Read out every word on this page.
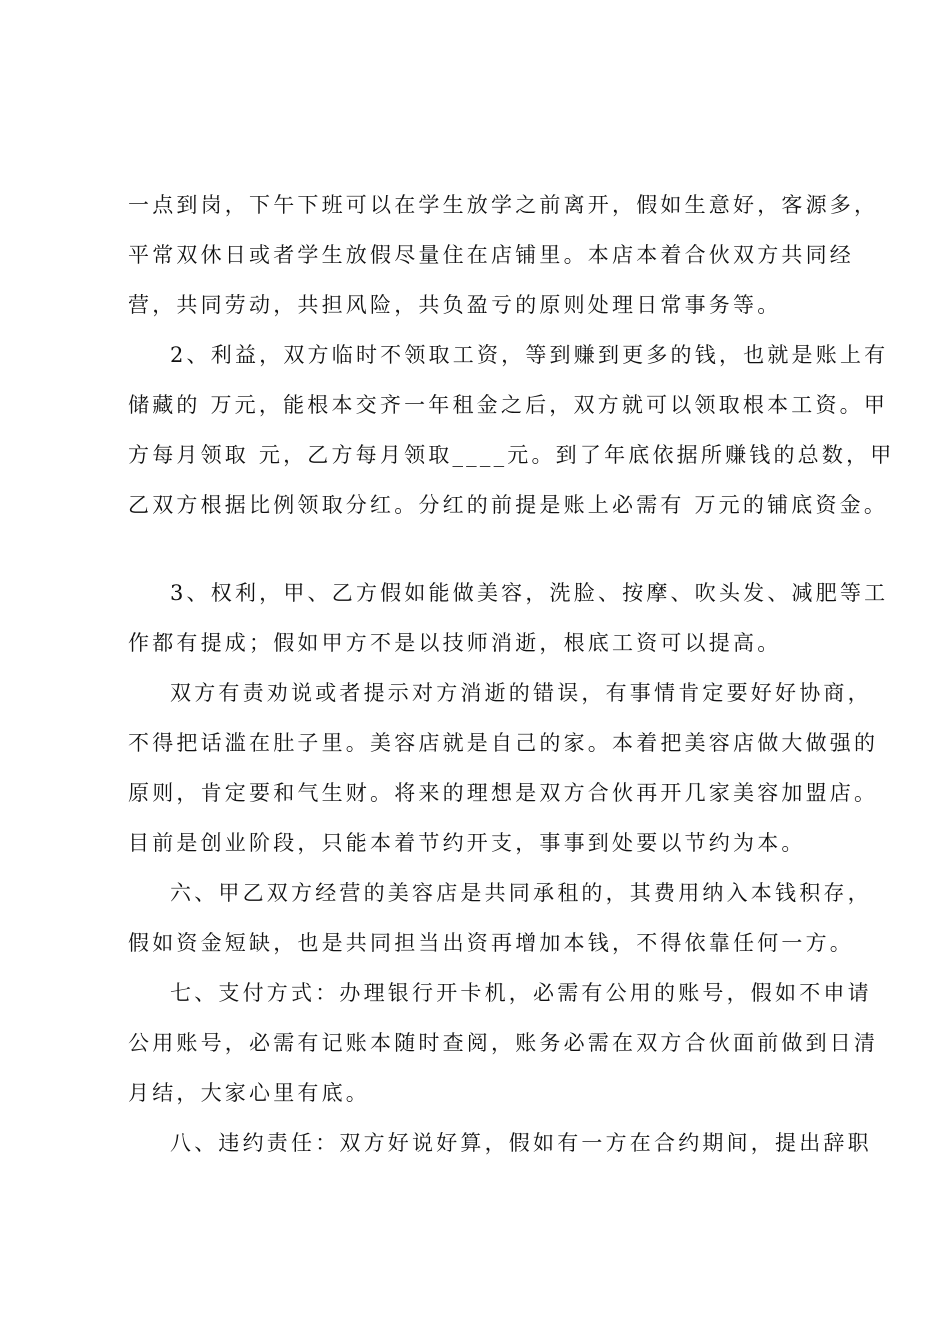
一点到岗，下午下班可以在学生放学之前离开，假如生意好，客源多，
平常双休日或者学生放假尽量住在店铺里。本店本着合伙双方共同经
营，共同劳动，共担风险，共负盈亏的原则处理日常事务等。
2、利益，双方临时不领取工资，等到赚到更多的钱，也就是账上有
储藏的 万元，能根本交齐一年租金之后，双方就可以领取根本工资。甲
方每月领取 元，乙方每月领取____元。到了年底依据所赚钱的总数，甲
乙双方根据比例领取分红。分红的前提是账上必需有 万元的铺底资金。
3、权利，甲、乙方假如能做美容，洗脸、按摩、吹头发、减肥等工
作都有提成；假如甲方不是以技师消逝，根底工资可以提高。
双方有责劝说或者提示对方消逝的错误，有事情肯定要好好协商，
不得把话滥在肚子里。美容店就是自己的家。本着把美容店做大做强的
原则，肯定要和气生财。将来的理想是双方合伙再开几家美容加盟店。
目前是创业阶段，只能本着节约开支，事事到处要以节约为本。
六、甲乙双方经营的美容店是共同承租的，其费用纳入本钱积存，
假如资金短缺，也是共同担当出资再增加本钱，不得依靠任何一方。
七、支付方式：办理银行开卡机，必需有公用的账号，假如不申请
公用账号，必需有记账本随时查阅，账务必需在双方合伙面前做到日清
月结，大家心里有底。
八、违约责任：双方好说好算，假如有一方在合约期间，提出辞职
